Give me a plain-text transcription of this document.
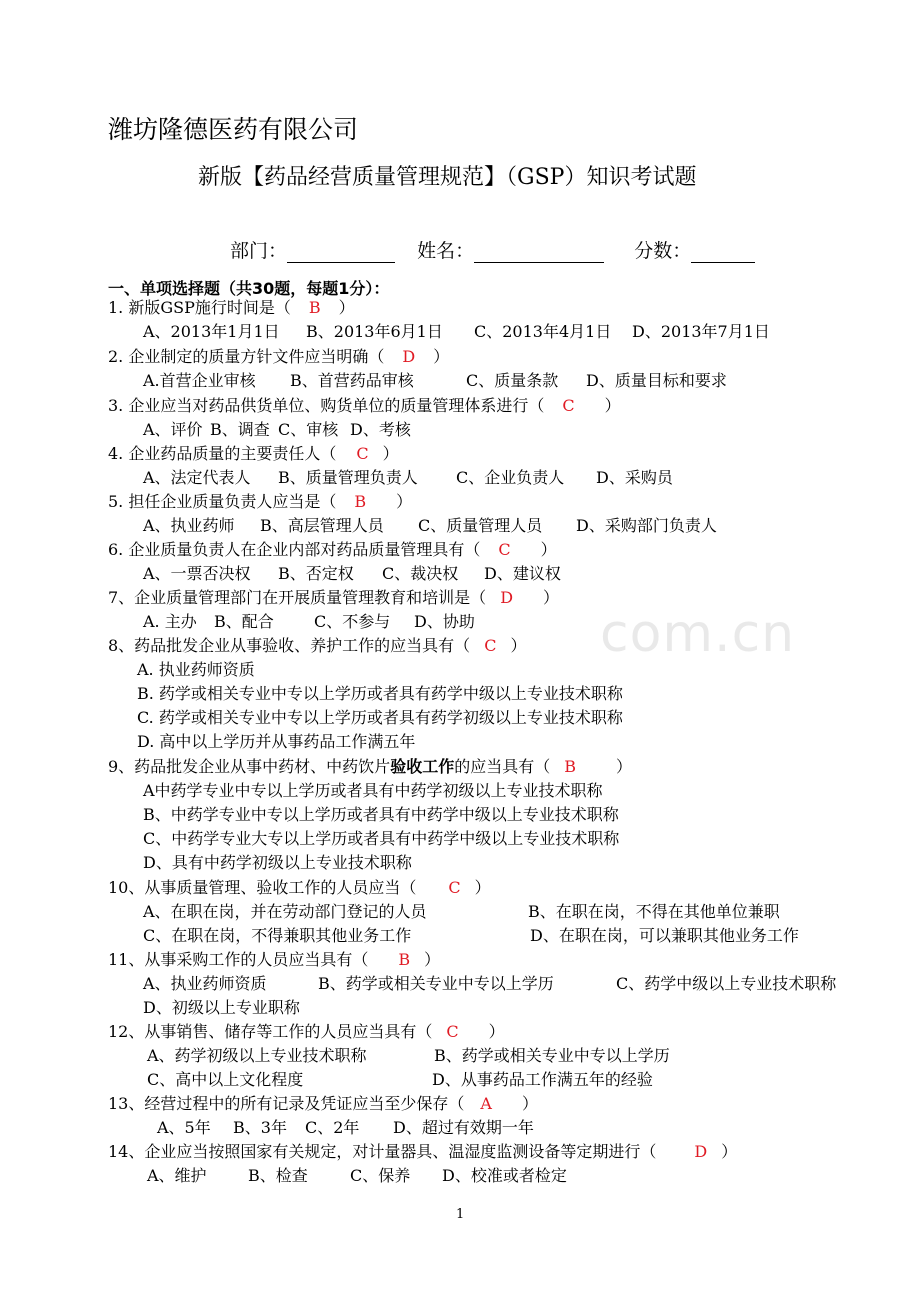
潍坊隆德医药有限公司
新版【药品经营质量管理规范】（GSP）知识考试题
部门：	姓名：	分数：
一、单项选择题（共30题，每题1分）：
1. 新版GSP施行时间是（ B ）
A、2013年1月1日 B、2013年6月1日 C、2013年4月1日 D、2013年7月1日
2. 企业制定的质量方针文件应当明确（ D ）
A.首营企业审核 B、首营药品审核	C、质量条款 D、质量目标和要求
3. 企业应当对药品供货单位、购货单位的质量管理体系进行（ C ）
A、评价 B、调查 C、审核 D、考核
4. 企业药品质量的主要责任人（ C ）
A、法定代表人 B、质量管理负责人 C、企业负责人 D、采购员
5. 担任企业质量负责人应当是（ B ）
A、执业药师 B、高层管理人员 C、质量管理人员 D、采购部门负责人
6. 企业质量负责人在企业内部对药品质量管理具有（ C ）
A、一票否决权 B、否定权 C、裁决权 D、建议权
7、企业质量管理部门在开展质量管理教育和培训是（ D ）
A. 主办 B、配合	C、不参与 D、协助
8、药品批发企业从事验收、养护工作的应当具有（ C ）
A. 执业药师资质
B. 药学或相关专业中专以上学历或者具有药学中级以上专业技术职称
C. 药学或相关专业中专以上学历或者具有药学初级以上专业技术职称
D. 高中以上学历并从事药品工作满五年
9、药品批发企业从事中药材、中药饮片验收工作的应当具有（ B	）
A中药学专业中专以上学历或者具有中药学初级以上专业技术职称
B、中药学专业中专以上学历或者具有中药学中级以上专业技术职称
C、中药学专业大专以上学历或者具有中药学中级以上专业技术职称
D、具有中药学初级以上专业技术职称
10、从事质量管理、验收工作的人员应当（ C ）
A、在职在岗，并在劳动部门登记的人员	B、在职在岗，不得在其他单位兼职
C、在职在岗，不得兼职其他业务工作	D、在职在岗，可以兼职其他业务工作
11、从事采购工作的人员应当具有（ B ）
A、执业药师资质	B、药学或相关专业中专以上学历	C、药学中级以上专业技术职称
D、初级以上专业职称
12、从事销售、储存等工作的人员应当具有（ C ）
A、药学初级以上专业技术职称	B、药学或相关专业中专以上学历
C、高中以上文化程度	D、从事药品工作满五年的经验
13、经营过程中的所有记录及凭证应当至少保存（ A ）
A、5年 B、3年 C、2年 D、超过有效期一年
14、企业应当按照国家有关规定，对计量器具、温湿度监测设备等定期进行（ D ）
A、维护	B、检查	C、保养 D、校准或者检定
com.cn
1
